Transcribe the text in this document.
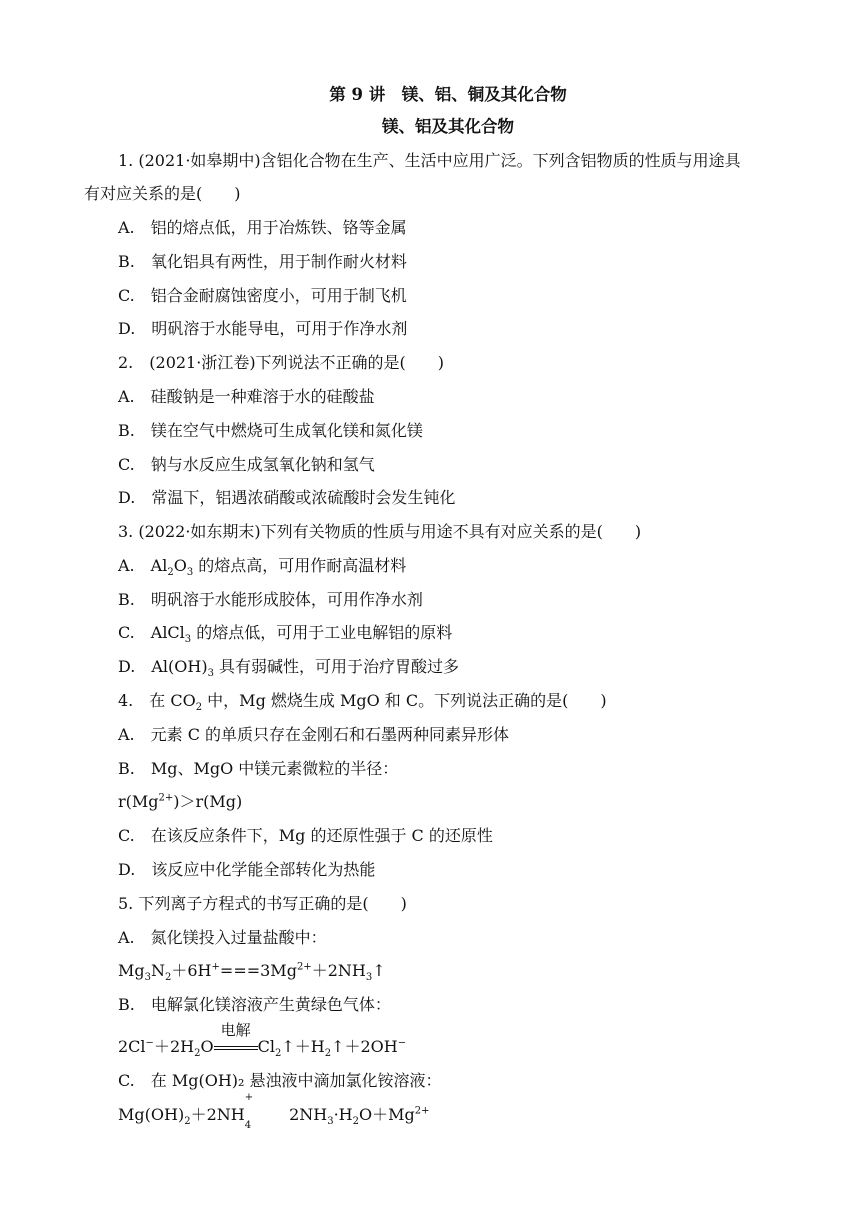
第 9 讲　镁、铝、铜及其化合物
镁、铝及其化合物
1. (2021·如皋期中)含铝化合物在生产、生活中应用广泛。下列含铝物质的性质与用途具
有对应关系的是(　　)
A.　铝的熔点低，用于冶炼铁、铬等金属
B.　氧化铝具有两性，用于制作耐火材料
C.　铝合金耐腐蚀密度小，可用于制飞机
D.　明矾溶于水能导电，可用于作净水剂
2.　(2021·浙江卷)下列说法不正确的是(　　)
A.　硅酸钠是一种难溶于水的硅酸盐
B.　镁在空气中燃烧可生成氧化镁和氮化镁
C.　钠与水反应生成氢氧化钠和氢气
D.　常温下，铝遇浓硝酸或浓硫酸时会发生钝化
3. (2022·如东期末)下列有关物质的性质与用途不具有对应关系的是(　　)
A.　$Al_2O_3$ 的熔点高，可用作耐高温材料
B.　明矾溶于水能形成胶体，可用作净水剂
C.　AlCl$_3$ 的熔点低，可用于工业电解铝的原料
D.　$Al(OH)_3$ 具有弱碱性，可用于治疗胃酸过多
4.　在 $CO_2$ 中，Mg 燃烧生成 MgO 和 C。下列说法正确的是(　　)
A.　元素 C 的单质只存在金刚石和石墨两种同素异形体
B.　Mg、MgO 中镁元素微粒的半径：
$r(Mg^{2+})>r(Mg)$
C.　在该反应条件下，Mg 的还原性强于 C 的还原性
D.　该反应中化学能全部转化为热能
5. 下列离子方程式的书写正确的是(　　)
A.　氮化镁投入过量盐酸中：
$Mg_3N_2+6H^+===3Mg^{2+}+2NH_3↑$
B.　电解氯化镁溶液产生黄绿色气体：
$2Cl^-+2H_2O$
电解
$Cl_2↑+H_2↑+2OH^-$
C.　在 Mg(OH)₂ 悬浊液中滴加氯化铵溶液：
$Mg(OH)_2+2NH$
+
$_42NH_3\cdot H_2O+Mg^{2+}$
